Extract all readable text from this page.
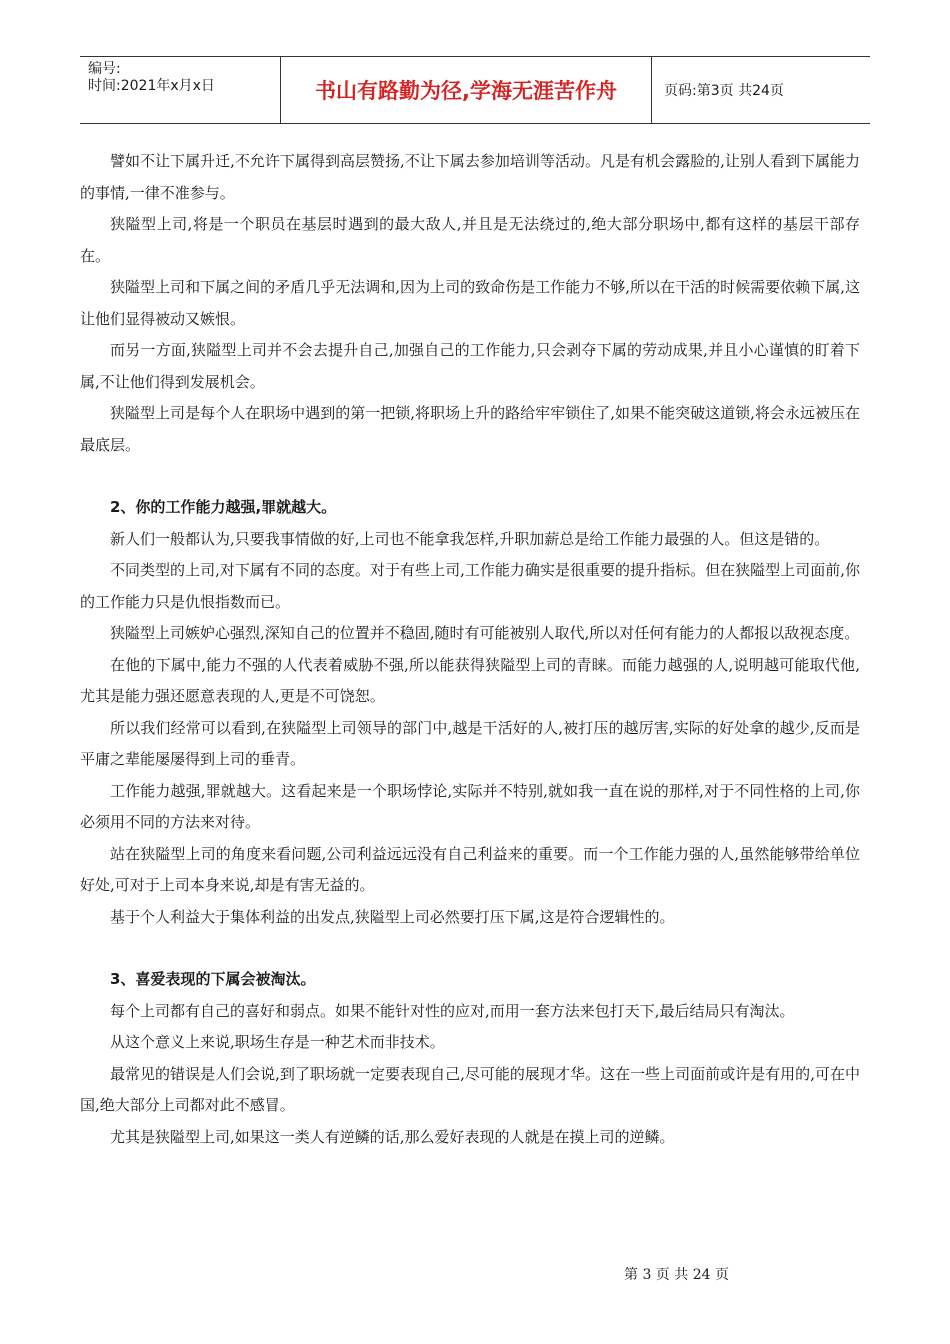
编号:
时间:2021年x月x日	书山有路勤为径,学海无涯苦作舟	页码:第3页 共24页

譬如不让下属升迁,不允许下属得到高层赞扬,不让下属去参加培训等活动。凡是有机会露脸的,让别人看到下属能力的事情,一律不准参与。

狭隘型上司,将是一个职员在基层时遇到的最大敌人,并且是无法绕过的,绝大部分职场中,都有这样的基层干部存在。

狭隘型上司和下属之间的矛盾几乎无法调和,因为上司的致命伤是工作能力不够,所以在干活的时候需要依赖下属,这让他们显得被动又嫉恨。

而另一方面,狭隘型上司并不会去提升自己,加强自己的工作能力,只会剥夺下属的劳动成果,并且小心谨慎的盯着下属,不让他们得到发展机会。

狭隘型上司是每个人在职场中遇到的第一把锁,将职场上升的路给牢牢锁住了,如果不能突破这道锁,将会永远被压在最底层。

2、你的工作能力越强,罪就越大。

新人们一般都认为,只要我事情做的好,上司也不能拿我怎样,升职加薪总是给工作能力最强的人。但这是错的。

不同类型的上司,对下属有不同的态度。对于有些上司,工作能力确实是很重要的提升指标。但在狭隘型上司面前,你的工作能力只是仇恨指数而已。

狭隘型上司嫉妒心强烈,深知自己的位置并不稳固,随时有可能被别人取代,所以对任何有能力的人都报以敌视态度。

在他的下属中,能力不强的人代表着威胁不强,所以能获得狭隘型上司的青睐。而能力越强的人,说明越可能取代他,尤其是能力强还愿意表现的人,更是不可饶恕。

所以我们经常可以看到,在狭隘型上司领导的部门中,越是干活好的人,被打压的越厉害,实际的好处拿的越少,反而是平庸之辈能屡屡得到上司的垂青。

工作能力越强,罪就越大。这看起来是一个职场悖论,实际并不特别,就如我一直在说的那样,对于不同性格的上司,你必须用不同的方法来对待。

站在狭隘型上司的角度来看问题,公司利益远远没有自己利益来的重要。而一个工作能力强的人,虽然能够带给单位好处,可对于上司本身来说,却是有害无益的。

基于个人利益大于集体利益的出发点,狭隘型上司必然要打压下属,这是符合逻辑性的。

3、喜爱表现的下属会被淘汰。

每个上司都有自己的喜好和弱点。如果不能针对性的应对,而用一套方法来包打天下,最后结局只有淘汰。

从这个意义上来说,职场生存是一种艺术而非技术。

最常见的错误是人们会说,到了职场就一定要表现自己,尽可能的展现才华。这在一些上司面前或许是有用的,可在中国,绝大部分上司都对此不感冒。

尤其是狭隘型上司,如果这一类人有逆鳞的话,那么爱好表现的人就是在摸上司的逆鳞。

第 3 页 共 24 页
